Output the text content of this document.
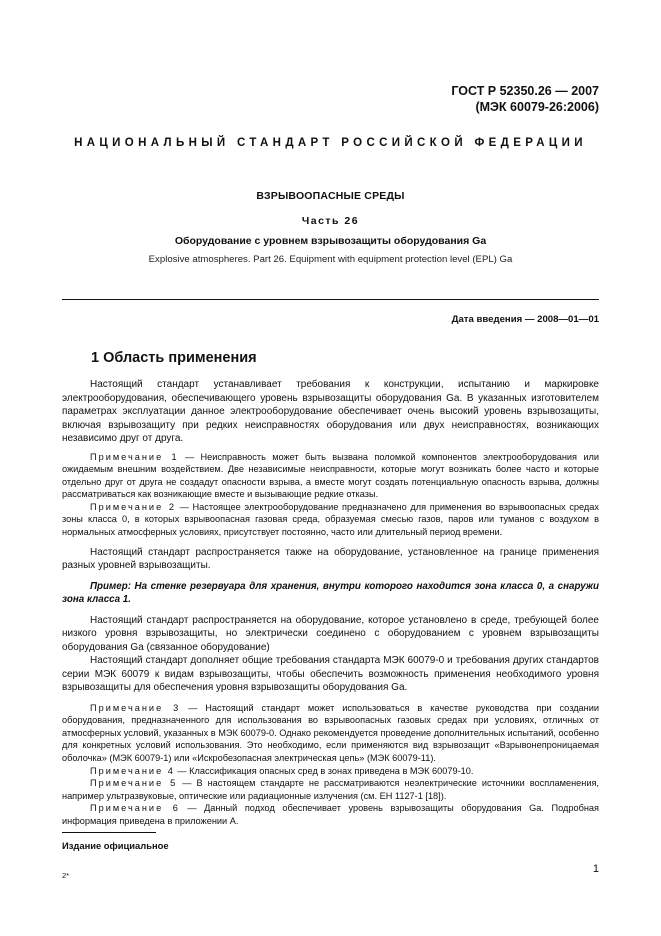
ГОСТ Р 52350.26 — 2007
(МЭК 60079-26:2006)
НАЦИОНАЛЬНЫЙ СТАНДАРТ РОССИЙСКОЙ ФЕДЕРАЦИИ
ВЗРЫВООПАСНЫЕ СРЕДЫ
Часть 26
Оборудование с уровнем взрывозащиты оборудования Ga
Explosive atmospheres. Part 26. Equipment with equipment protection level (EPL) Ga
Дата введения — 2008—01—01
1 Область применения

Настоящий стандарт устанавливает требования к конструкции, испытанию и маркировке электрооборудования, обеспечивающего уровень взрывозащиты оборудования Ga. В указанных изготовителем параметрах эксплуатации данное электрооборудование обеспечивает очень высокий уровень взрывозащиты, включая взрывозащиту при редких неисправностях оборудования или двух неисправностях, возникающих независимо друг от друга.

Примечание 1 — Неисправность может быть вызвана поломкой компонентов электрооборудования или ожидаемым внешним воздействием. Две независимые неисправности, которые могут возникать более часто и которые отдельно друг от друга не создадут опасности взрыва, а вместе могут создать потенциальную опасность взрыва, должны рассматриваться как возникающие вместе и вызывающие редкие отказы.

Примечание 2 — Настоящее электрооборудование предназначено для применения во взрывоопасных средах зоны класса 0, в которых взрывоопасная газовая среда, образуемая смесью газов, паров или туманов с воздухом в нормальных атмосферных условиях, присутствует постоянно, часто или длительный период времени.

Настоящий стандарт распространяется также на оборудование, установленное на границе применения разных уровней взрывозащиты.

Пример: На стенке резервуара для хранения, внутри которого находится зона класса 0, а снаружи зона класса 1.

Настоящий стандарт распространяется на оборудование, которое установлено в среде, требующей более низкого уровня взрывозащиты, но электрически соединено с оборудованием с уровнем взрывозащиты оборудования Ga (связанное оборудование)

Настоящий стандарт дополняет общие требования стандарта МЭК 60079-0 и требования других стандартов серии МЭК 60079 к видам взрывозащиты, чтобы обеспечить возможность применения необходимого уровня взрывозащиты для обеспечения уровня взрывозащиты оборудования Ga.

Примечание 3 — Настоящий стандарт может использоваться в качестве руководства при создании оборудования, предназначенного для использования во взрывоопасных газовых средах при условиях, отличных от атмосферных условий, указанных в МЭК 60079-0. Однако рекомендуется проведение дополнительных испытаний, особенно для конкретных условий использования. Это необходимо, если применяются вид взрывозащит «Взрывонепроницаемая оболочка» (МЭК 60079-1) или «Искробезопасная электрическая цепь» (МЭК 60079-11).

Примечание 4 — Классификация опасных сред в зонах приведена в МЭК 60079-10.

Примечание 5 — В настоящем стандарте не рассматриваются неэлектрические источники воспламенения, например ультразвуковые, оптические или радиационные излучения (см. ЕН 1127-1 [18]).

Примечание 6 — Данный подход обеспечивает уровень взрывозащиты оборудования Ga. Подробная информация приведена в приложении А.

Издание официальное
2*
1
